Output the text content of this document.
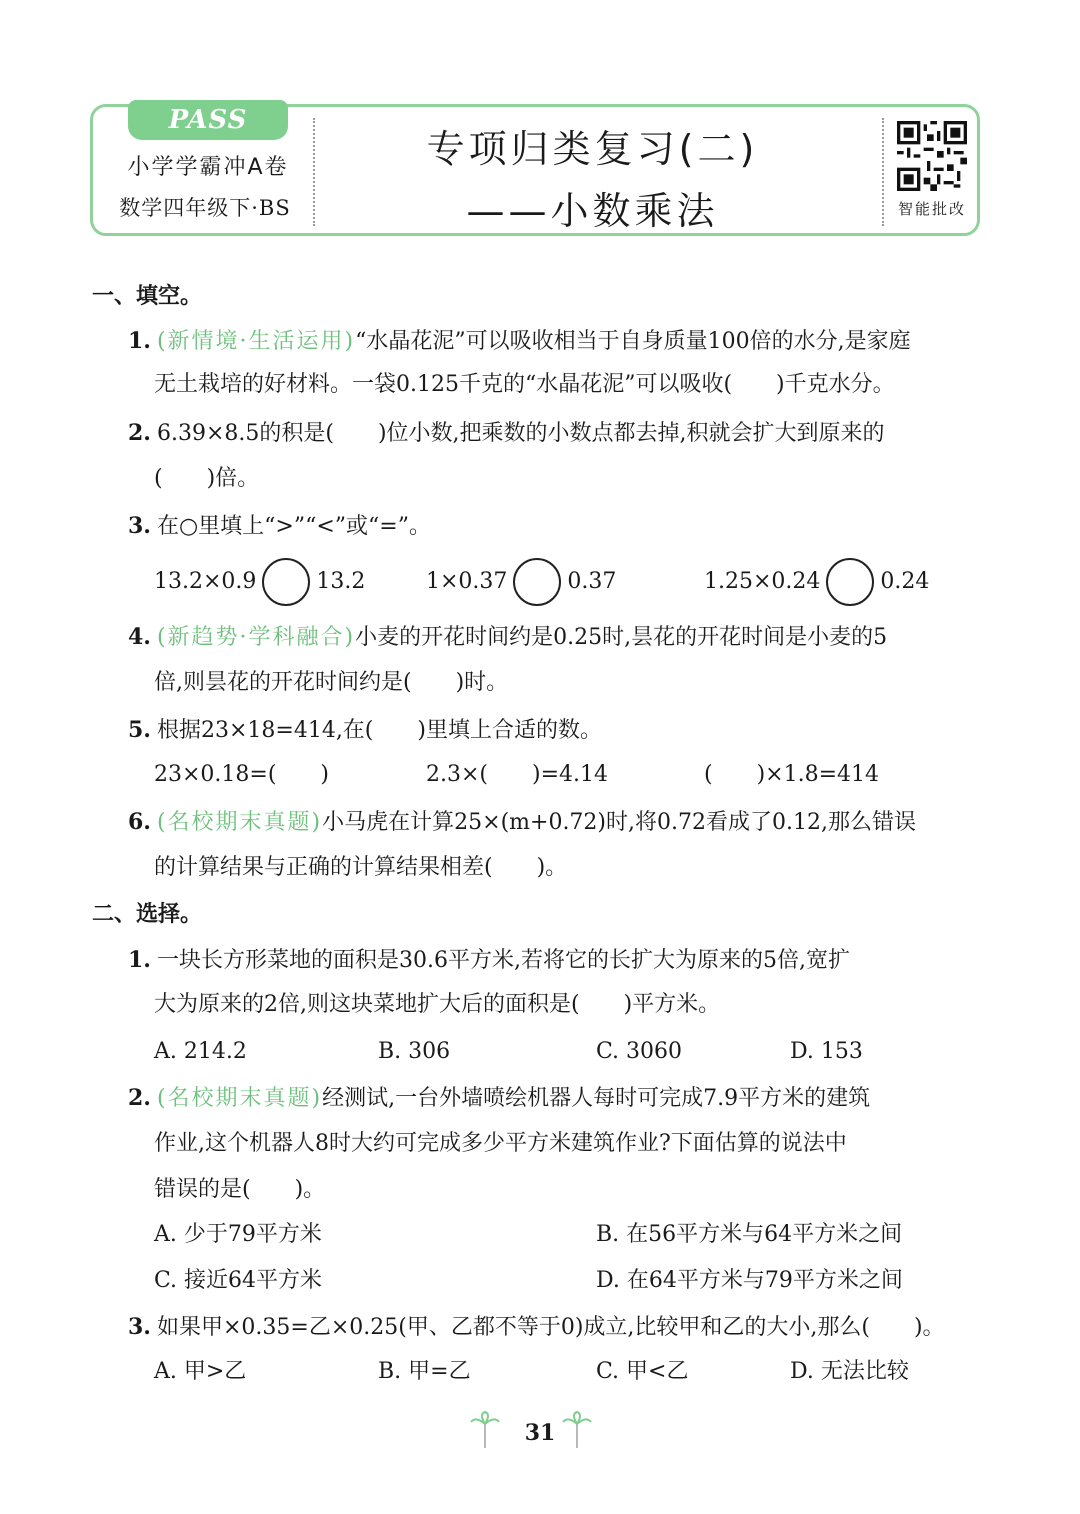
PASS
小学学霸冲A卷
数学四年级下·BS
专项归类复习(二)
——小数乘法	智能批改
一、填空。
1. (新情境·生活运用)“水晶花泥”可以吸收相当于自身质量100倍的水分,是家庭
无土栽培的好材料。一袋0.125千克的“水晶花泥”可以吸收(　　)千克水分。
2. 6.39×8.5的积是(　　)位小数,把乘数的小数点都去掉,积就会扩大到原来的
(　　)倍。
3. 在○里填上“>”“<”或“=”。
13.2×0.9	13.2	1×0.37	0.37	1.25×0.24	0.24
4. (新趋势·学科融合)小麦的开花时间约是0.25时,昙花的开花时间是小麦的5
倍,则昙花的开花时间约是(　　)时。
5. 根据23×18=414,在(　　)里填上合适的数。
23×0.18=(　　)	2.3×(　　)=4.14	(　　)×1.8=414
6. (名校期末真题)小马虎在计算25×(m+0.72)时,将0.72看成了0.12,那么错误
的计算结果与正确的计算结果相差(　　)。
二、选择。
1. 一块长方形菜地的面积是30.6平方米,若将它的长扩大为原来的5倍,宽扩
大为原来的2倍,则这块菜地扩大后的面积是(　　)平方米。
A. 214.2	B. 306	C. 3060	D. 153
2. (名校期末真题)经测试,一台外墙喷绘机器人每时可完成7.9平方米的建筑
作业,这个机器人8时大约可完成多少平方米建筑作业?下面估算的说法中
错误的是(　　)。
A. 少于79平方米	B. 在56平方米与64平方米之间
C. 接近64平方米	D. 在64平方米与79平方米之间
3. 如果甲×0.35=乙×0.25(甲、乙都不等于0)成立,比较甲和乙的大小,那么(　　)。
A. 甲>乙	B. 甲=乙	C. 甲<乙	D. 无法比较
31
